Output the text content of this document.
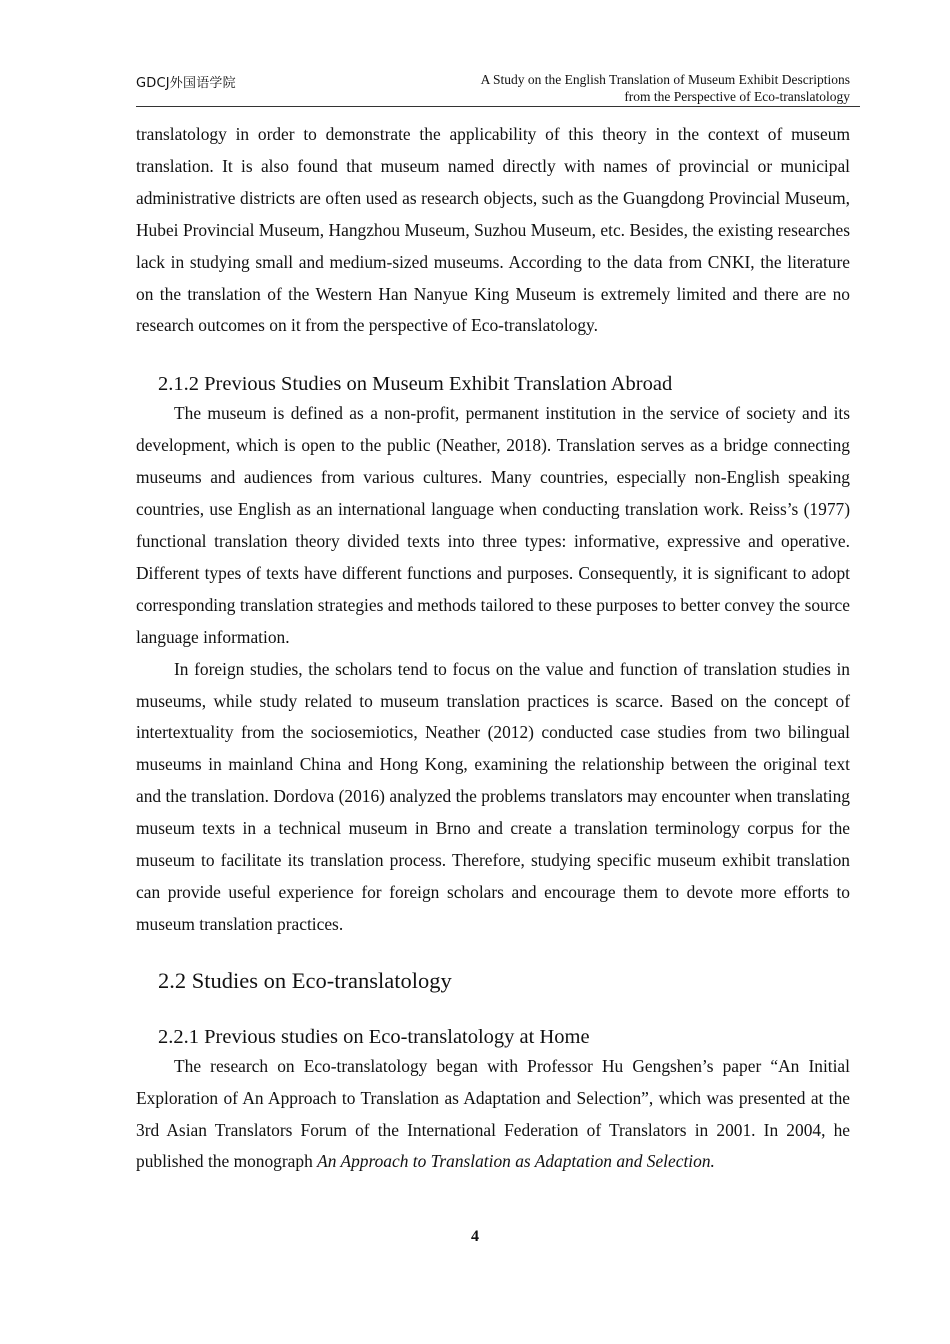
GDCJ外国语学院	A Study on the English Translation of Museum Exhibit Descriptions
from the Perspective of Eco-translatology

translatology in order to demonstrate the applicability of this theory in the context of museum translation. It is also found that museum named directly with names of provincial or municipal administrative districts are often used as research objects, such as the Guangdong Provincial Museum, Hubei Provincial Museum, Hangzhou Museum, Suzhou Museum, etc. Besides, the existing researches lack in studying small and medium-sized museums. According to the data from CNKI, the literature on the translation of the Western Han Nanyue King Museum is extremely limited and there are no research outcomes on it from the perspective of Eco-translatology.

2.1.2 Previous Studies on Museum Exhibit Translation Abroad

The museum is defined as a non-profit, permanent institution in the service of society and its development, which is open to the public (Neather, 2018). Translation serves as a bridge connecting museums and audiences from various cultures. Many countries, especially non-English speaking countries, use English as an international language when conducting translation work. Reiss’s (1977) functional translation theory divided texts into three types: informative, expressive and operative. Different types of texts have different functions and purposes. Consequently, it is significant to adopt corresponding translation strategies and methods tailored to these purposes to better convey the source language information.

In foreign studies, the scholars tend to focus on the value and function of translation studies in museums, while study related to museum translation practices is scarce. Based on the concept of intertextuality from the sociosemiotics, Neather (2012) conducted case studies from two bilingual museums in mainland China and Hong Kong, examining the relationship between the original text and the translation. Dordova (2016) analyzed the problems translators may encounter when translating museum texts in a technical museum in Brno and create a translation terminology corpus for the museum to facilitate its translation process. Therefore, studying specific museum exhibit translation can provide useful experience for foreign scholars and encourage them to devote more efforts to museum translation practices.

2.2 Studies on Eco-translatology
2.2.1 Previous studies on Eco-translatology at Home

The research on Eco-translatology began with Professor Hu Gengshen’s paper “An Initial Exploration of An Approach to Translation as Adaptation and Selection”, which was presented at the 3rd Asian Translators Forum of the International Federation of Translators in 2001. In 2004, he published the monograph An Approach to Translation as Adaptation and Selection.

4
